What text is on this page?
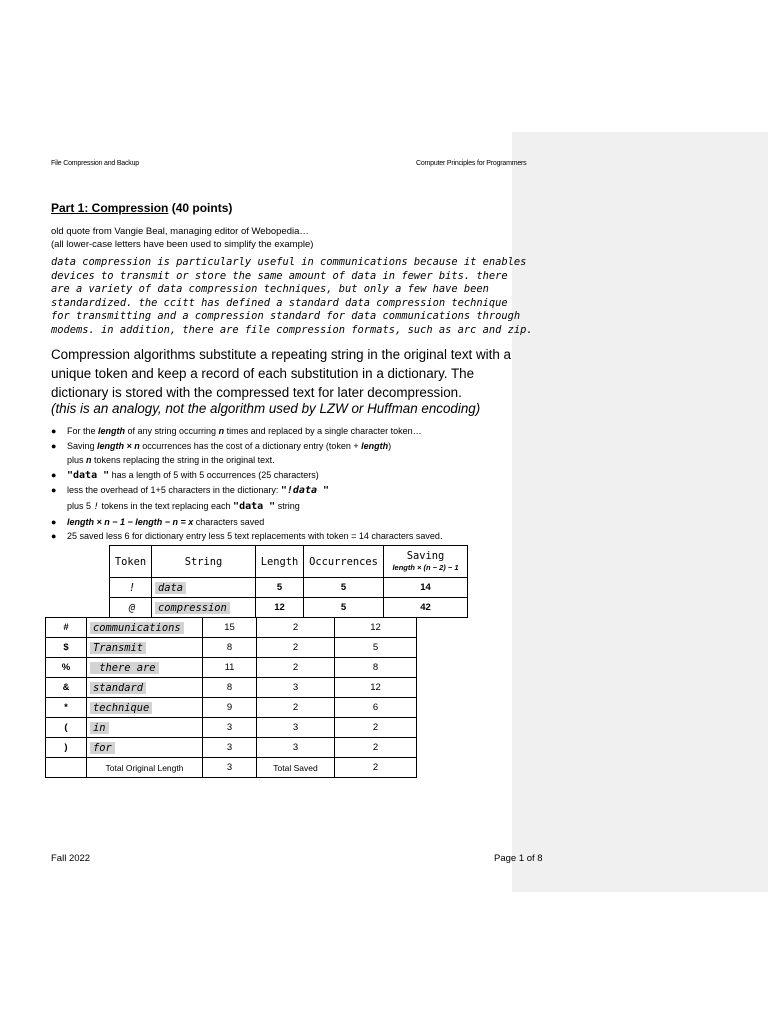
File Compression and Backup	Computer Principles for Programmers
Part 1: Compression (40 points)
old quote from Vangie Beal, managing editor of Webopedia…
(all lower-case letters have been used to simplify the example)
data compression is particularly useful in communications because it enables
devices to transmit or store the same amount of data in fewer bits. there
are a variety of data compression techniques, but only a few have been
standardized. the ccitt has defined a standard data compression technique
for transmitting and a compression standard for data communications through
modems. in addition, there are file compression formats, such as arc and zip.
Compression algorithms substitute a repeating string in the original text with a unique token and keep a record of each substitution in a dictionary. The dictionary is stored with the compressed text for later decompression.
(this is an analogy, not the algorithm used by LZW or Huffman encoding)
● For the length of any string occurring n times and replaced by a single character token…
● Saving length × n occurrences has the cost of a dictionary entry (token + length)
plus n tokens replacing the string in the original text.
● "data " has a length of 5 with 5 occurrences (25 characters)
● less the overhead of 1+5 characters in the dictionary: "!data "
plus 5 ! tokens in the text replacing each "data " string
● length × n − 1 − length − n = x characters saved
● 25 saved less 6 for dictionary entry less 5 text replacements with token = 14 characters saved.
Token	String	Length	Occurrences	Saving
length × (n − 2) − 1

!	data	5	5	14
@	compression	12	5	42
#	communications	15	2	12
$	Transmit	8	2	5
%	there are	11	2	8
&	standard	8	3	12
*	technique	9	2	6
(	in	3	3	2
)	for	3	3	2
	Total Original Length	3	Total Saved	2
Fall 2022	Page 1 of 8
